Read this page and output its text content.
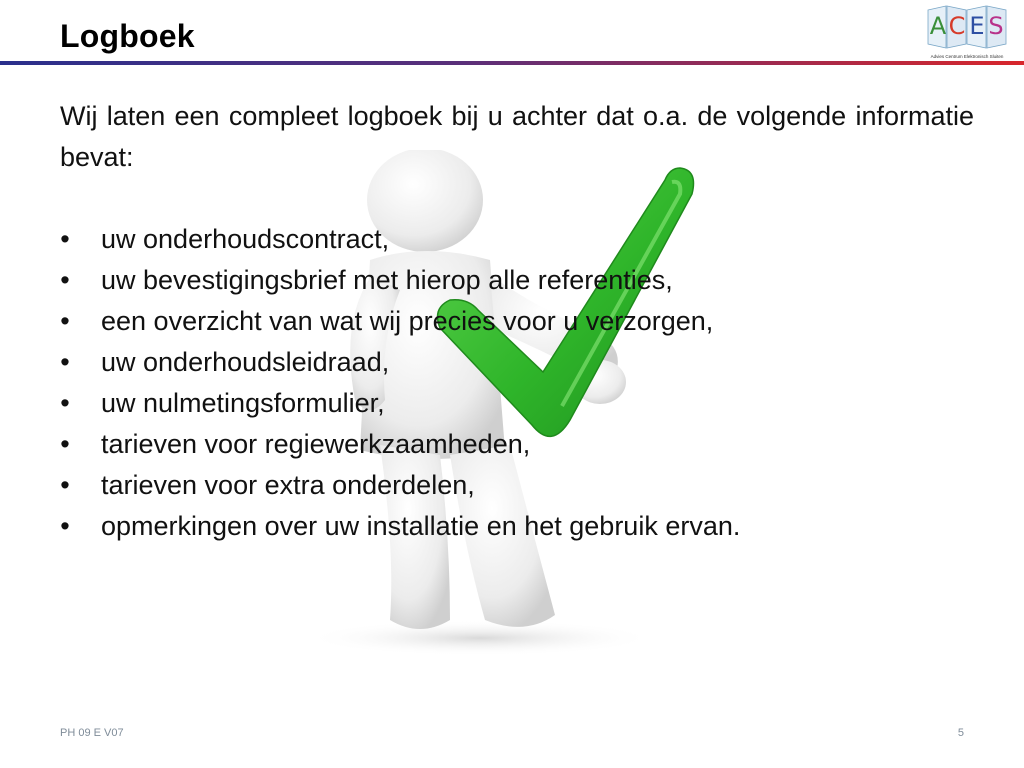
Logboek	A C E S
Advies Centrum Elektronisch Sluiten

Wij laten een compleet logboek bij u achter dat o.a. de volgende informatie bevat:

• uw onderhoudscontract,
• uw bevestigingsbrief met hierop alle referenties,
• een overzicht van wat wij precies voor u verzorgen,
• uw onderhoudsleidraad,
• uw nulmetingsformulier,
• tarieven voor regiewerkzaamheden,
• tarieven voor extra onderdelen,
• opmerkingen over uw installatie en het gebruik ervan.
PH 09 E V07	5
